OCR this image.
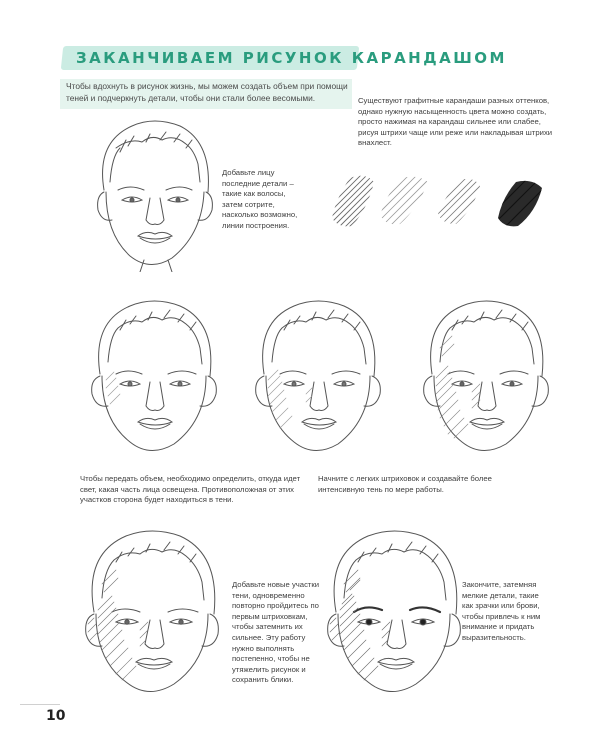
ЗАКАНЧИВАЕМ РИСУНОК КАРАНДАШОМ
Чтобы вдохнуть в рисунок жизнь, мы можем создать объем при помощи теней и подчеркнуть детали, чтобы они стали более весомыми.	Существуют графитные карандаши разных оттенков, однако нужную насыщенность цвета можно создать, просто нажимая на карандаш сильнее или слабее, рисуя штрихи чаще или реже или накладывая штрихи внахлест.
Добавьте лицу последние детали – такие как волосы, затем сотрите, насколько возможно, линии построения.
Чтобы передать объем, необходимо определить, откуда идет свет, какая часть лица освещена. Противоположная от этих участков сторона будет находиться в тени.
Начните с легких штриховок и создавайте более интенсивную тень по мере работы.
Добавьте новые участки тени, одновременно повторно пройдитесь по первым штриховкам, чтобы затемнить их сильнее. Эту работу нужно выполнять постепенно, чтобы не утяжелить рисунок и сохранить блики.
Закончите, затемняя мелкие детали, такие как зрачки или брови, чтобы привлечь к ним внимание и придать выразительность.
10
